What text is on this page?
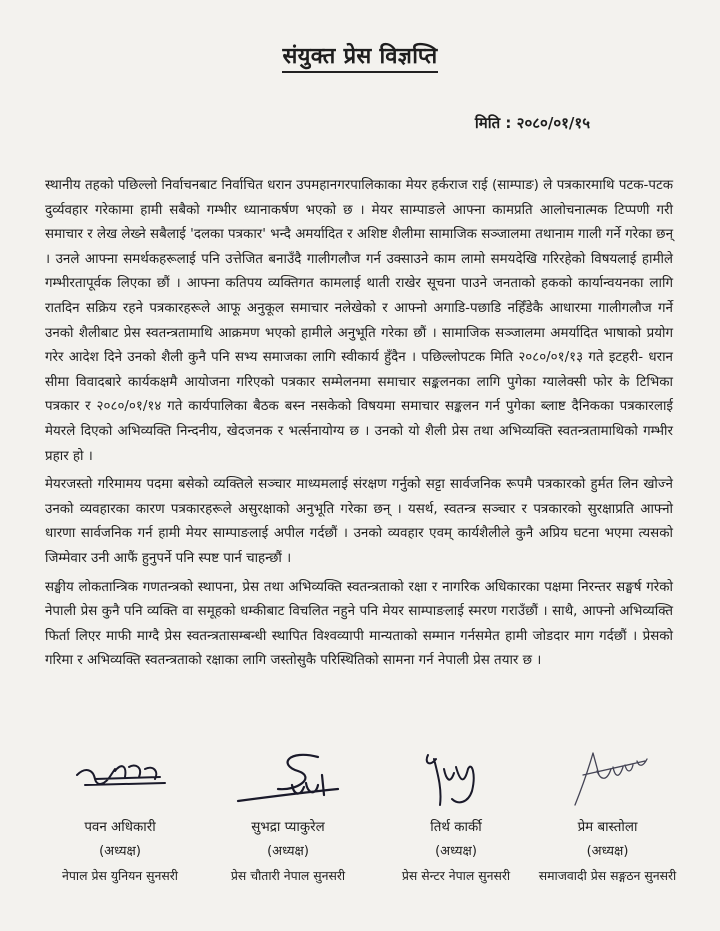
संयुक्त प्रेस विज्ञप्ति
मिति : २०८०/०१/१५

स्थानीय तहको पछिल्लो निर्वाचनबाट निर्वाचित धरान उपमहानगरपालिकाका मेयर हर्कराज राई (साम्पाङ) ले पत्रकारमाथि पटक-पटक दुर्व्यवहार गरेकामा हामी सबैको गम्भीर ध्यानाकर्षण भएको छ । मेयर साम्पाङले आफ्ना कामप्रति आलोचनात्मक टिप्पणी गरी समाचार र लेख लेख्ने सबैलाई 'दलका पत्रकार' भन्दै अमर्यादित र अशिष्ट शैलीमा सामाजिक सञ्जालमा तथानाम गाली गर्ने गरेका छन् । उनले आफ्ना समर्थकहरूलाई पनि उत्तेजित बनाउँदै गालीगलौज गर्न उक्साउने काम लामो समयदेखि गरिरहेको विषयलाई हामीले गम्भीरतापूर्वक लिएका छौं । आफ्ना कतिपय व्यक्तिगत कामलाई थाती राखेर सूचना पाउने जनताको हकको कार्यान्वयनका लागि रातदिन सक्रिय रहने पत्रकारहरूले आफू अनुकूल समाचार नलेखेको र आफ्नो अगाडि-पछाडि नहिँडेकै आधारमा गालीगलौज गर्ने उनको शैलीबाट प्रेस स्वतन्त्रतामाथि आक्रमण भएको हामीले अनुभूति गरेका छौं । सामाजिक सञ्जालमा अमर्यादित भाषाको प्रयोग गरेर आदेश दिने उनको शैली कुनै पनि सभ्य समाजका लागि स्वीकार्य हुँदैन । पछिल्लोपटक मिति २०८०/०१/१३ गते इटहरी- धरान सीमा विवादबारे कार्यकक्षमै आयोजना गरिएको पत्रकार सम्मेलनमा समाचार सङ्कलनका लागि पुगेका ग्यालेक्सी फोर के टिभिका पत्रकार र २०८०/०१/१४ गते कार्यपालिका बैठक बस्न नसकेको विषयमा समाचार सङ्कलन गर्न पुगेका ब्लाष्ट दैनिकका पत्रकारलाई मेयरले दिएको अभिव्यक्ति निन्दनीय, खेदजनक र भर्त्सनायोग्य छ । उनको यो शैली प्रेस तथा अभिव्यक्ति स्वतन्त्रतामाथिको गम्भीर प्रहार हो ।

मेयरजस्तो गरिमामय पदमा बसेको व्यक्तिले सञ्चार माध्यमलाई संरक्षण गर्नुको सट्टा सार्वजनिक रूपमै पत्रकारको हुर्मत लिन खोज्ने उनको व्यवहारका कारण पत्रकारहरूले असुरक्षाको अनुभूति गरेका छन् । यसर्थ, स्वतन्त्र सञ्चार र पत्रकारको सुरक्षाप्रति आफ्नो धारणा सार्वजनिक गर्न हामी मेयर साम्पाङलाई अपील गर्दछौं । उनको व्यवहार एवम् कार्यशैलीले कुनै अप्रिय घटना भएमा त्यसको जिम्मेवार उनी आफैं हुनुपर्ने पनि स्पष्ट पार्न चाहन्छौं ।

सङ्घीय लोकतान्त्रिक गणतन्त्रको स्थापना, प्रेस तथा अभिव्यक्ति स्वतन्त्रताको रक्षा र नागरिक अधिकारका पक्षमा निरन्तर सङ्घर्ष गरेको नेपाली प्रेस कुनै पनि व्यक्ति वा समूहको धम्कीबाट विचलित नहुने पनि मेयर साम्पाङलाई स्मरण गराउँछौं । साथै, आफ्नो अभिव्यक्ति फिर्ता लिएर माफी माग्दै प्रेस स्वतन्त्रतासम्बन्धी स्थापित विश्वव्यापी मान्यताको सम्मान गर्नसमेत हामी जोडदार माग गर्दछौं । प्रेसको गरिमा र अभिव्यक्ति स्वतन्त्रताको रक्षाका लागि जस्तोसुकै परिस्थितिको सामना गर्न नेपाली प्रेस तयार छ ।

पवन अधिकारी
(अध्यक्ष)
नेपाल प्रेस युनियन सुनसरी
सुभद्रा प्याकुरेल
(अध्यक्ष)
प्रेस चौतारी नेपाल सुनसरी
तिर्थ कार्की
(अध्यक्ष)
प्रेस सेन्टर नेपाल सुनसरी
प्रेम बास्तोला
(अध्यक्ष)
समाजवादी प्रेस सङ्गठन सुनसरी
